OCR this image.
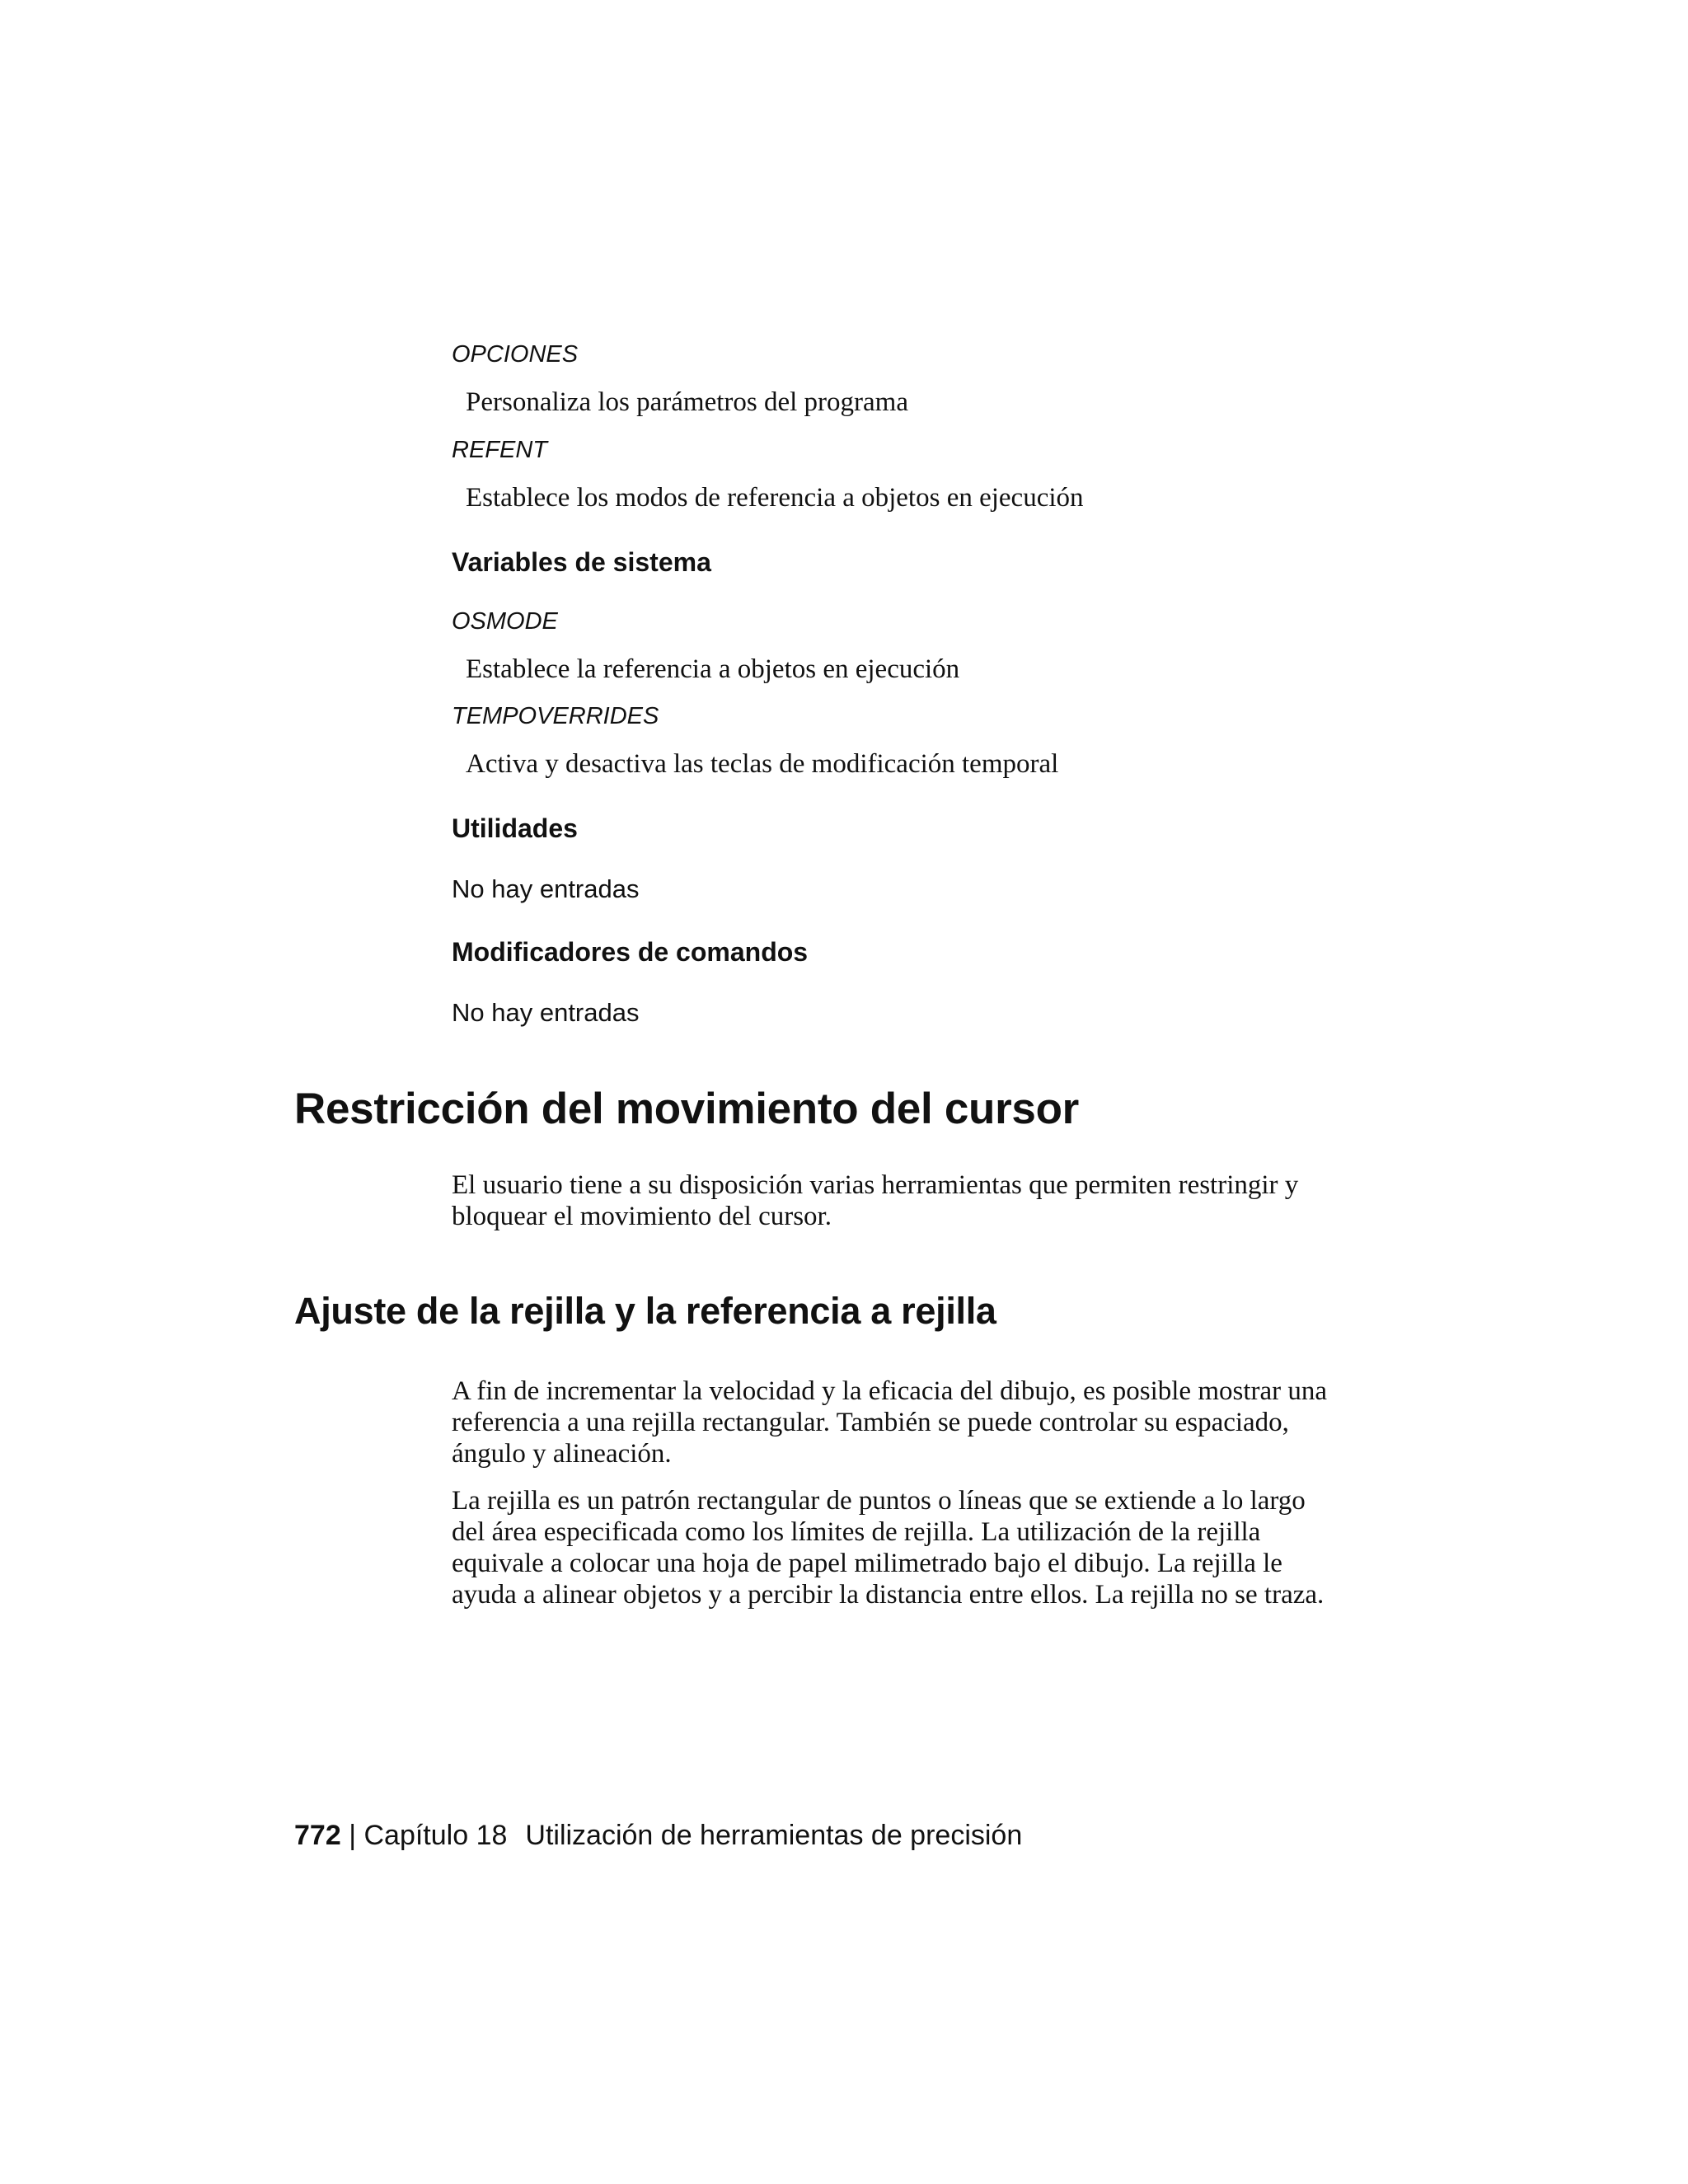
OPCIONES
Personaliza los parámetros del programa
REFENT
Establece los modos de referencia a objetos en ejecución
Variables de sistema
OSMODE
Establece la referencia a objetos en ejecución
TEMPOVERRIDES
Activa y desactiva las teclas de modificación temporal
Utilidades
No hay entradas
Modificadores de comandos
No hay entradas
Restricción del movimiento del cursor

El usuario tiene a su disposición varias herramientas que permiten restringir y bloquear el movimiento del cursor.

Ajuste de la rejilla y la referencia a rejilla

A fin de incrementar la velocidad y la eficacia del dibujo, es posible mostrar una referencia a una rejilla rectangular. También se puede controlar su espaciado, ángulo y alineación.

La rejilla es un patrón rectangular de puntos o líneas que se extiende a lo largo del área especificada como los límites de rejilla. La utilización de la rejilla equivale a colocar una hoja de papel milimetrado bajo el dibujo. La rejilla le ayuda a alinear objetos y a percibir la distancia entre ellos. La rejilla no se traza.

772 | Capítulo 18 Utilización de herramientas de precisión
